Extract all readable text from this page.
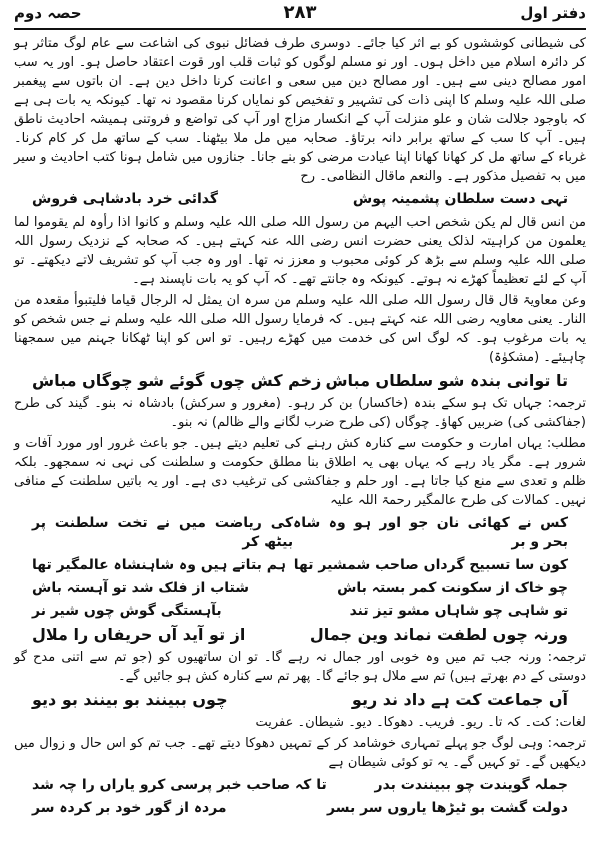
دفتر اول
۲۸۳
حصہ دوم

کی شیطانی کوششوں کو بے اثر کیا جائے۔ دوسری طرف فضائل نبوی کی اشاعت سے عام لوگ متاثر ہو کر دائرہ اسلام میں داخل ہوں۔ اور نو مسلم لوگوں کو ثبات قلب اور قوت اعتقاد حاصل ہو۔ اور یہ سب امور مصالح دینی سے ہیں۔ اور مصالح دین میں سعی و اعانت کرنا داخل دین ہے۔ ان باتوں سے پیغمبر صلی اللہ علیہ وسلم کا اپنی ذات کی تشہیر و تفخیص کو نمایاں کرنا مقصود نہ تھا۔ کیونکہ یہ بات ہی ہے کہ باوجود جلالت شان و علو منزلت آپ کے انکسار مزاج اور آپ کی تواضع و فروتنی ہمیشہ احادیث ناطق ہیں۔ آپ کا سب کے ساتھ برابر دانہ برتاؤ۔ صحابہ میں مل ملا بیٹھنا۔ سب کے ساتھ مل کر کام کرنا۔ غرباء کے ساتھ مل کر کھانا کھانا اپنا عیادت مرضی کو بنے جانا۔ جنازوں میں شامل ہونا کتب احادیث و سیر میں بہ تفصیل مذکور ہے۔ والنعم ماقال النظامی۔ رح

تہی دست سلطان پشمینہ پوش
گدائی خرد بادشاہی فروش

من انس قال لم یکن شخص احب الیہم من رسول اللہ صلی اللہ علیہ وسلم و کانوا اذا رأوہ لم یقوموا لما یعلمون من کراہیتہ لذلک یعنی حضرت انس رضی اللہ عنہ کہتے ہیں۔ کہ صحابہ کے نزدیک رسول اللہ صلی اللہ علیہ وسلم سے بڑھ کر کوئی محبوب و معزز نہ تھا۔ اور وہ جب آپ کو تشریف لاتے دیکھتے۔ تو آپ کے لئے تعظیماً کھڑے نہ ہوتے۔ کیونکہ وہ جانتے تھے۔ کہ آپ کو یہ بات ناپسند ہے۔

وعن معاویۃ قال قال رسول اللہ صلی اللہ علیہ وسلم من سرہ ان یمثل لہ الرجال قیاما فلیتبوأ مقعدہ من النار۔ یعنی معاویہ رضی اللہ عنہ کہتے ہیں۔ کہ فرمایا رسول اللہ صلی اللہ علیہ وسلم نے جس شخص کو یہ بات مرغوب ہو۔ کہ لوگ اس کی خدمت میں کھڑے رہیں۔ تو اس کو اپنا ٹھکانا جہنم میں سمجھنا چاہیئے۔ (مشکوٰۃ)

تا توانی بندہ شو سلطاں مباش
زخم کش چوں گوئے شو چوگاں مباش

ترجمہ: جہاں تک ہو سکے بندہ (خاکسار) بن کر رہو۔ (مغرور و سرکش) بادشاہ نہ بنو۔ گیند کی طرح (جفاکشی کی) ضربیں کھاؤ۔ چوگاں (کی طرح ضرب لگانے والے ظالم) نہ بنو۔

مطلب: یہاں امارت و حکومت سے کنارہ کش رہنے کی تعلیم دیتے ہیں۔ جو باعث غرور اور مورد آفات و شرور ہے۔ مگر یاد رہے کہ یہاں بھی یہ اطلاق بنا مطلق حکومت و سلطنت کی نہی نہ سمجھو۔ بلکہ ظلم و تعدی سے منع کیا جاتا ہے۔ اور حلم و جفاکشی کی ترغیب دی ہے۔ اور یہ باتیں سلطنت کے منافی نہیں۔ کمالات کی طرح عالمگیر رحمۃ اللہ علیہ

کس نے کھائی نان جو اور ہو وہ شاہ بحر و بر
کی ریاضت میں نے تخت سلطنت پر بیٹھ کر
کون سا تسبیح گرداں صاحب شمشیر تھا
ہم بتاتے ہیں وہ شاہنشاہ عالمگیر تھا
چو خاک از سکونت کمر بستہ باش
شتاب از فلک شد تو آہستہ باش
تو شاہی چو شاہاں مشو تیز تند
بآہستگی گوش چوں شیر نر
ورنہ چوں لطفت نماند وین جمال
از تو آید آں حریفاں را ملال

ترجمہ: ورنہ جب تم میں وہ خوبی اور جمال نہ رہے گا۔ تو ان ساتھیوں کو (جو تم سے اتنی مدح گو دوستی کے دم بھرتے ہیں) تم سے ملال ہو جائے گا۔ پھر تم سے کنارہ کش ہو جائیں گے۔

آں جماعت کت ہے داد ند ریو
چوں ببینند بو بینند بو دیو

لغات: کت۔ کہ تا۔ ریو۔ فریب۔ دھوکا۔ دیو۔ شیطان۔ عفریت

ترجمہ: وہی لوگ جو پہلے تمہاری خوشامد کر کے تمہیں دھوکا دیتے تھے۔ جب تم کو اس حال و زوال میں دیکھیں گے۔ تو کہیں گے۔ یہ تو کوئی شیطان ہے

جملہ گویندت چو ببینندت بدر
تا کہ صاحب خبر پرسی کرو یاراں را چہ شد
دولت گشت بو ٹیڑھا یاروں سر بسر
مردہ از گور خود بر کردہ سر
